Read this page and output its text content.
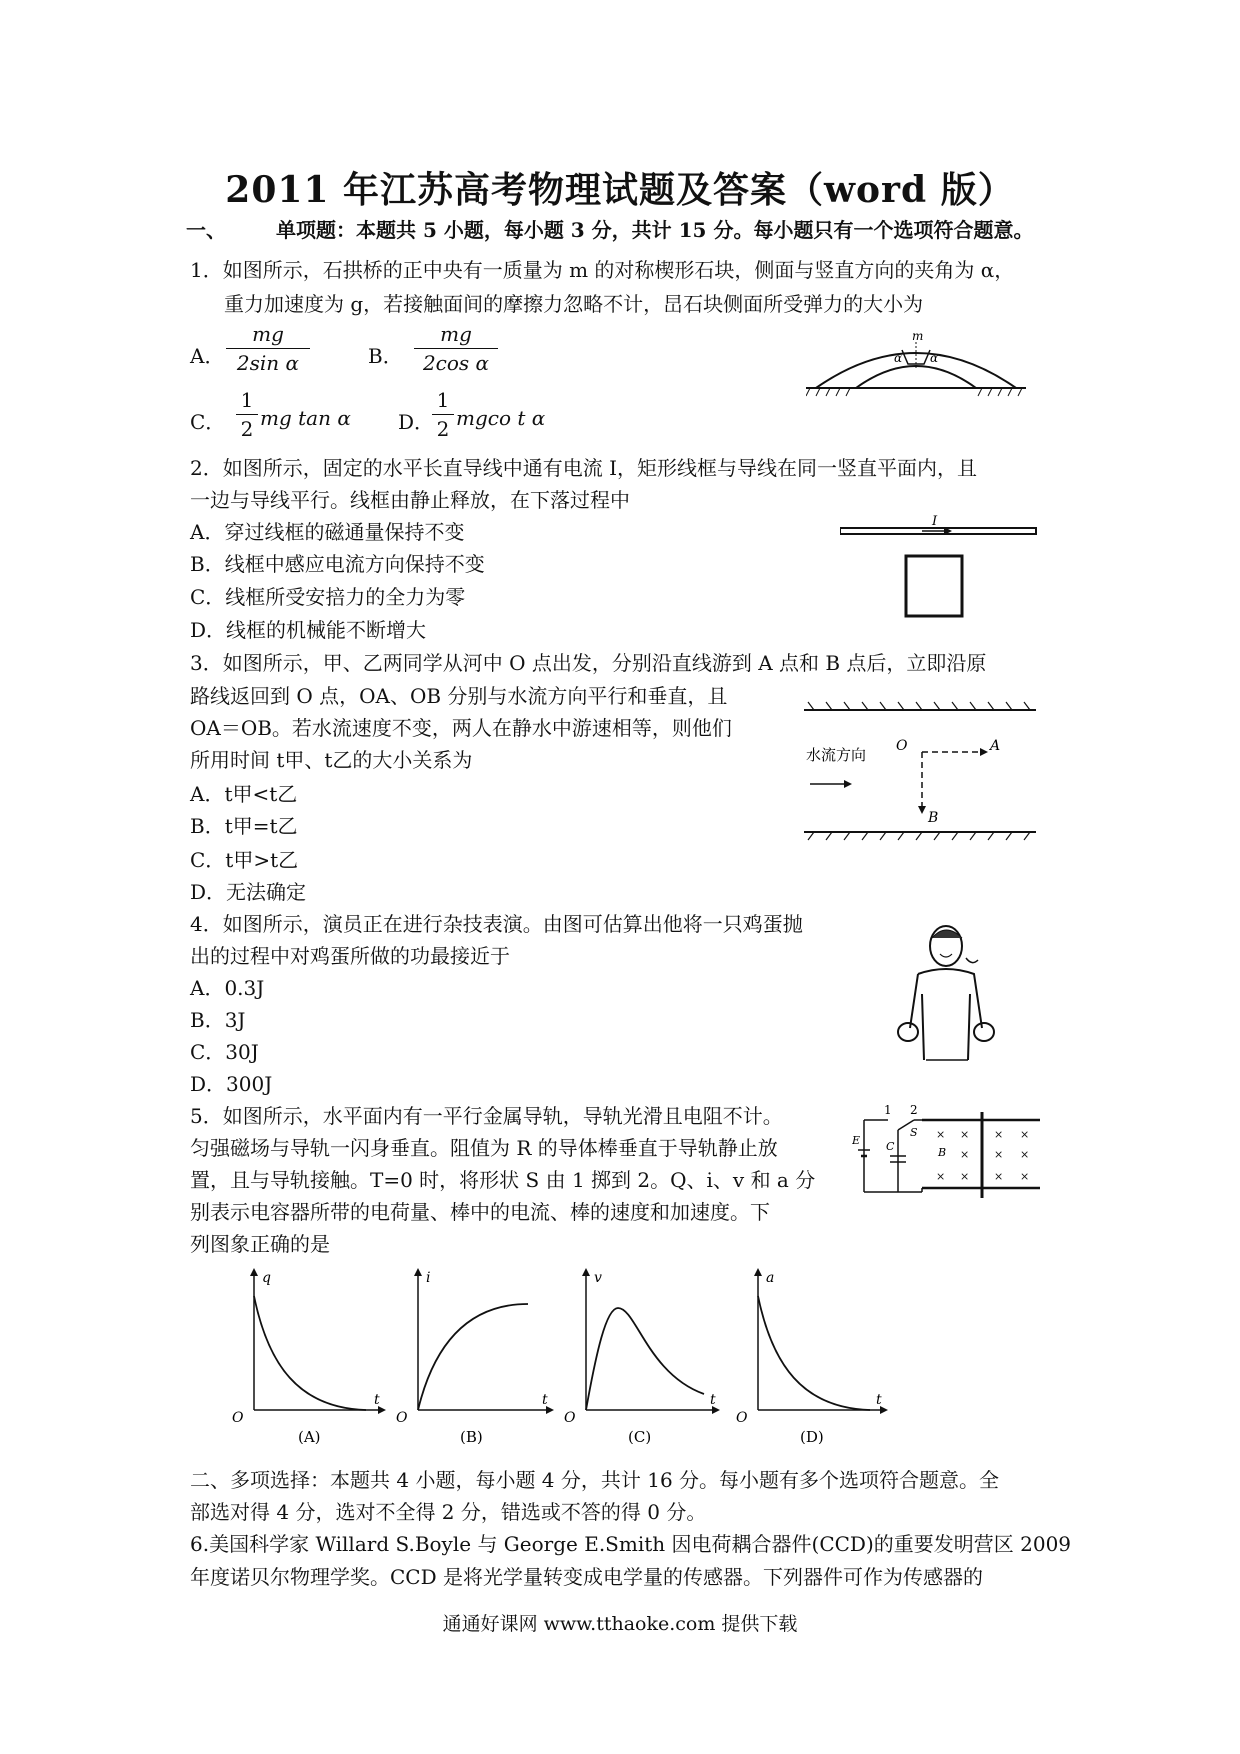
2011 年江苏高考物理试题及答案（word 版）
一、	单项题：本题共 5 小题，每小题 3 分，共计 15 分。每小题只有一个选项符合题意。
1．如图所示，石拱桥的正中央有一质量为 m 的对称楔形石块，侧面与竖直方向的夹角为 α，
重力加速度为 g，若接触面间的摩擦力忽略不计，旵石块侧面所受弹力的大小为
A． $\frac{mg}{\text{2sin α}}$	B． $\frac{mg}{\text{2cos α}}$
C． $\frac{1}{2}$ mg tan α D．
$\frac{1}{2}$ mgco t α
m
α α
2．如图所示，固定的水平长直导线中通有电流 I，矩形线框与导线在同一竖直平面内，且
一边与导线平行。线框由静止释放，在下落过程中
A．穿过线框的磁通量保持不变
B．线框中感应电流方向保持不变
C．线框所受安掊力的全力为零
D．线框的机械能不断增大
I
3．如图所示，甲、乙两同学从河中 O 点出发，分别沿直线游到 A 点和 B 点后，立即沿原
路线返回到 O 点，OA、OB 分别与水流方向平行和垂直，且
OA＝OB。若水流速度不变，两人在静水中游速相等，则他们
所用时间 t甲、t乙的大小关系为
A．t甲<t乙
B．t甲=t乙
C．t甲>t乙
D．无法确定
水流方向 O	A
B
4．如图所示，演员正在进行杂技表演。由图可估算出他将一只鸡蛋抛
出的过程中对鸡蛋所做的功最接近于
A．0.3J
B．3J
C．30J
D．300J
5．如图所示，水平面内有一平行金属导轨，导轨光滑且电阻不计。
匀强磁场与导轨一闪身垂直。阻值为 R 的导体棒垂直于导轨静止放
置，且与导轨接触。T=0 时，将形状 S 由 1 掷到 2。Q、i、v 和 a 分
别表示电容器所带的电荷量、棒中的电流、棒的速度和加速度。下
列图象正确的是
1 2
E C
S × × × ×
× × ×
× × × ×
B
q
t
O
(A)
i
t
O
(B)
v
t
O
(C)
a
t
O
(D)
二、多项选择：本题共 4 小题，每小题 4 分，共计 16 分。每小题有多个选项符合题意。全
部选对得 4 分，选对不全得 2 分，错选或不答的得 0 分。
6.美国科学家 Willard S.Boyle 与 George E.Smith 因电荷耦合器件(CCD)的重要发明营区 2009
年度诺贝尔物理学奖。CCD 是将光学量转变成电学量的传感器。下列器件可作为传感器的
通通好课网 www.tthaoke.com 提供下载
